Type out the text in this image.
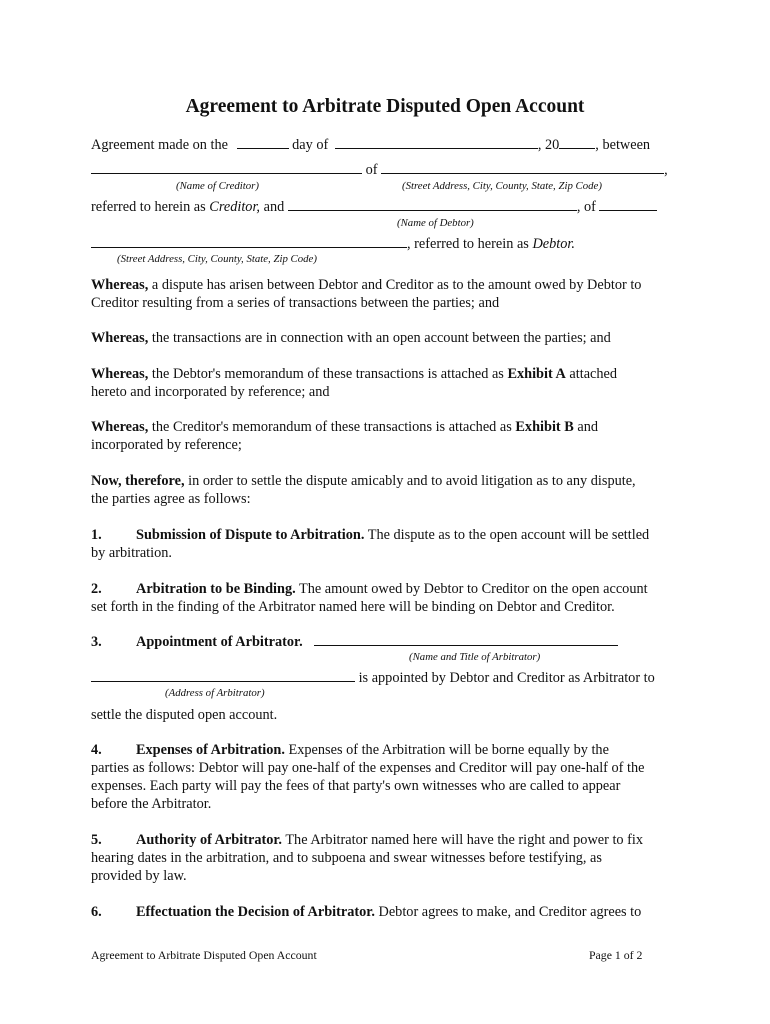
Agreement to Arbitrate Disputed Open Account
Agreement made on the	day of	, 20	, between
of	,
(Name of Creditor)	(Street Address, City, County, State, Zip Code)
referred to herein as Creditor, and	, of
(Name of Debtor)
, referred to herein as Debtor.
(Street Address, City, County, State, Zip Code)
Whereas, a dispute has arisen between Debtor and Creditor as to the amount owed by Debtor to
Creditor resulting from a series of transactions between the parties; and
Whereas, the transactions are in connection with an open account between the parties; and
Whereas, the Debtor's memorandum of these transactions is attached as Exhibit A attached
hereto and incorporated by reference; and
Whereas, the Creditor's memorandum of these transactions is attached as Exhibit B and
incorporated by reference;
Now, therefore, in order to settle the dispute amicably and to avoid litigation as to any dispute,
the parties agree as follows:
1. Submission of Dispute to Arbitration. The dispute as to the open account will be settled
by arbitration.
2. Arbitration to be Binding. The amount owed by Debtor to Creditor on the open account
set forth in the finding of the Arbitrator named here will be binding on Debtor and Creditor.
3. Appointment of Arbitrator.
(Name and Title of Arbitrator)
is appointed by Debtor and Creditor as Arbitrator to
(Address of Arbitrator)
settle the disputed open account.
4. Expenses of Arbitration. Expenses of the Arbitration will be borne equally by the
parties as follows: Debtor will pay one-half of the expenses and Creditor will pay one-half of the
expenses. Each party will pay the fees of that party's own witnesses who are called to appear
before the Arbitrator.
5. Authority of Arbitrator. The Arbitrator named here will have the right and power to fix
hearing dates in the arbitration, and to subpoena and swear witnesses before testifying, as
provided by law.
6. Effectuation the Decision of Arbitrator. Debtor agrees to make, and Creditor agrees to
Agreement to Arbitrate Disputed Open Account	Page 1 of 2
